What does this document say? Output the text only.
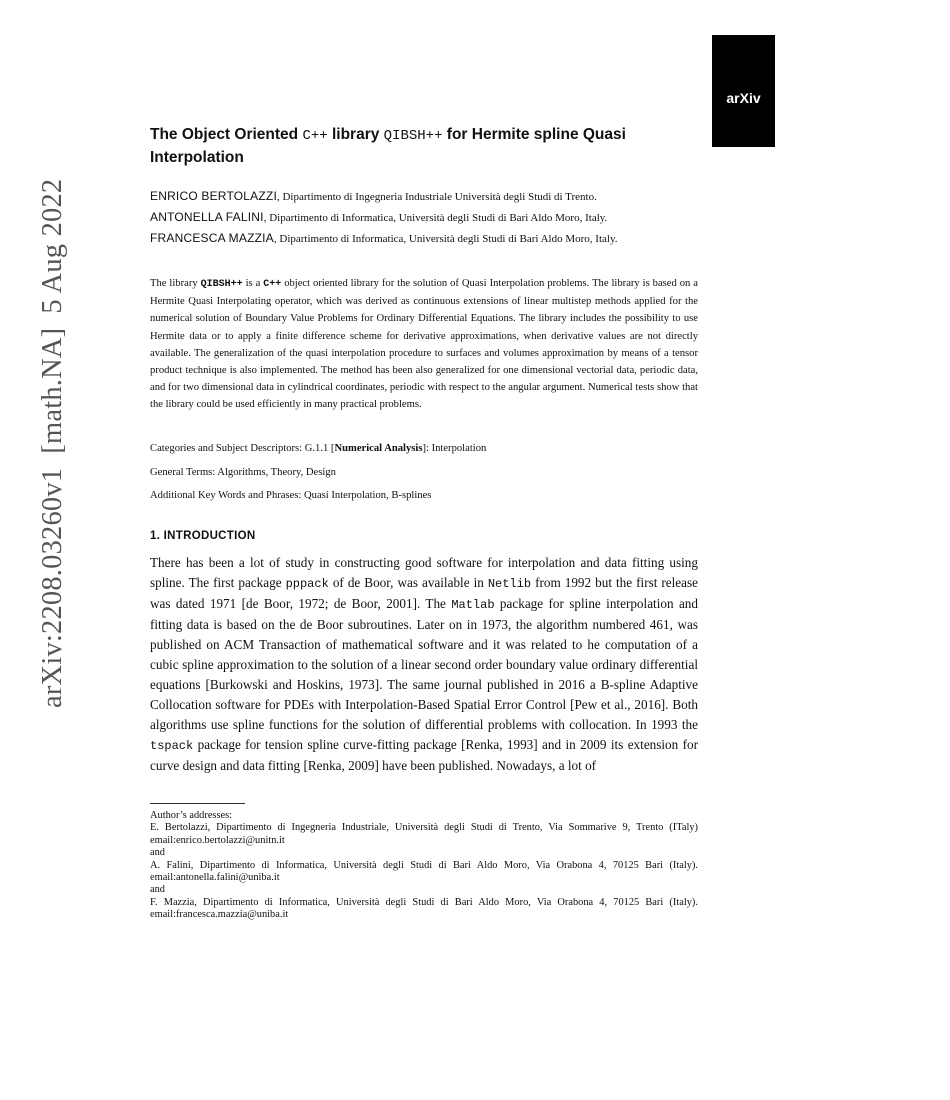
arXiv
arXiv:2208.03260v1[math.NA]5 Aug 2022
The Object Oriented C++ library QIBSH++ for Hermite spline Quasi Interpolation
ENRICO BERTOLAZZI, Dipartimento di Ingegneria Industriale Università degli Studi di Trento.
ANTONELLA FALINI, Dipartimento di Informatica, Università degli Studi di Bari Aldo Moro, Italy.
FRANCESCA MAZZIA, Dipartimento di Informatica, Università degli Studi di Bari Aldo Moro, Italy.
The library QIBSH++ is a C++ object oriented library for the solution of Quasi Interpolation problems. The library is based on a Hermite Quasi Interpolating operator, which was derived as continuous extensions of linear multistep methods applied for the numerical solution of Boundary Value Problems for Ordinary Differential Equations. The library includes the possibility to use Hermite data or to apply a finite difference scheme for derivative approximations, when derivative values are not directly available. The generalization of the quasi interpolation procedure to surfaces and volumes approximation by means of a tensor product technique is also implemented. The method has been also generalized for one dimensional vectorial data, periodic data, and for two dimensional data in cylindrical coordinates, periodic with respect to the angular argument. Numerical tests show that the library could be used efficiently in many practical problems.
Categories and Subject Descriptors: G.1.1 [Numerical Analysis]: Interpolation
General Terms: Algorithms, Theory, Design
Additional Key Words and Phrases: Quasi Interpolation, B-splines
1. INTRODUCTION
There has been a lot of study in constructing good software for interpolation and data fitting using spline. The first package pppack of de Boor, was available in Netlib from 1992 but the first release was dated 1971 [de Boor, 1972; de Boor, 2001]. The Matlab package for spline interpolation and fitting data is based on the de Boor subroutines. Later on in 1973, the algorithm numbered 461, was published on ACM Transaction of mathematical software and it was related to he computation of a cubic spline approximation to the solution of a linear second order boundary value ordinary differential equations [Burkowski and Hoskins, 1973]. The same journal published in 2016 a B-spline Adaptive Collocation software for PDEs with Interpolation-Based Spatial Error Control [Pew et al., 2016]. Both algorithms use spline functions for the solution of differential problems with collocation. In 1993 the tspack package for tension spline curve-fitting package [Renka, 1993] and in 2009 its extension for curve design and data fitting [Renka, 2009] have been published. Nowadays, a lot of
Author’s addresses:
E. Bertolazzi, Dipartimento di Ingegneria Industriale, Università degli Studi di Trento, Via Sommarive 9, Trento (ITaly) email:enrico.bertolazzi@unitn.it
and
A. Falini, Dipartimento di Informatica, Università degli Studi di Bari Aldo Moro, Via Orabona 4, 70125 Bari (Italy). email:antonella.falini@uniba.it
and
F. Mazzia, Dipartimento di Informatica, Università degli Studi di Bari Aldo Moro, Via Orabona 4, 70125 Bari (Italy). email:francesca.mazzia@uniba.it
